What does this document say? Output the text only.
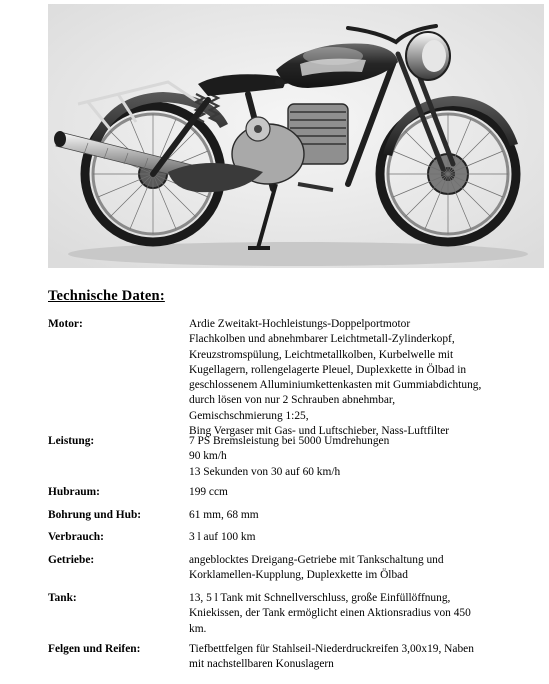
Technische Daten:
Motor:	Ardie Zweitakt-Hochleistungs-Doppelportmotor
Flachkolben und abnehmbarer Leichtmetall-Zylinderkopf,
Kreuzstromspülung, Leichtmetallkolben, Kurbelwelle mit
Kugellagern, rollengelagerte Pleuel, Duplexkette in Ölbad in
geschlossenem Alluminiumkettenkasten mit Gummiabdichtung,
durch lösen von nur 2 Schrauben abnehmbar,
Gemischschmierung 1:25,
Bing Vergaser mit Gas- und Luftschieber, Nass-Luftfilter
Leistung:	7 PS Bremsleistung bei 5000 Umdrehungen
90 km/h
13 Sekunden von 30 auf 60 km/h
Hubraum:	199 ccm
Bohrung und Hub:	61 mm, 68 mm
Verbrauch:	3 l auf 100 km
Getriebe:	angeblocktes Dreigang-Getriebe mit Tankschaltung und
Korklamellen-Kupplung, Duplexkette im Ölbad
Tank:	13, 5 l Tank mit Schnellverschluss, große Einfüllöffnung,
Kniekissen, der Tank ermöglicht einen Aktionsradius von 450
km.
Felgen und Reifen:	Tiefbettfelgen für Stahlseil-Niederdruckreifen 3,00x19, Naben
mit nachstellbaren Konuslagern
